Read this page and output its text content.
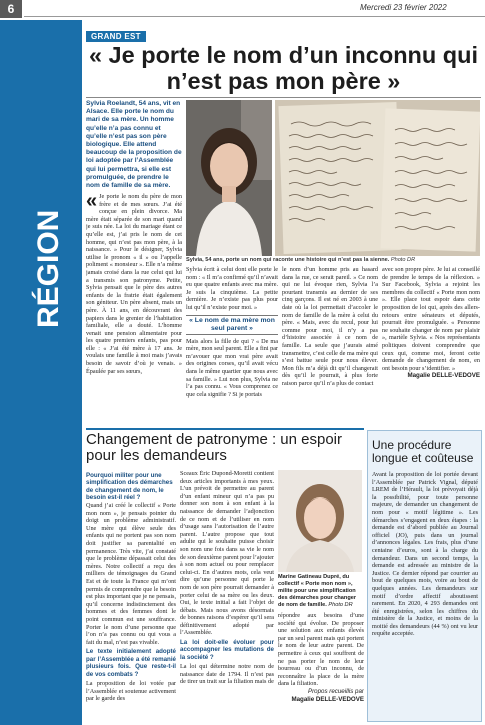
6	Mercredi 23 février 2022
RÉGION
GRAND EST
« Je porte le nom d’un inconnu qui n’est pas mon père »
Sylvia Roelandt, 54 ans, vit en Alsace. Elle porte le nom du mari de sa mère. Un homme qu’elle n’a pas connu et qu’elle n’est pas son père biologique. Elle attend beaucoup de la proposition de loi adoptée par l’Assemblée qui lui permettra, si elle est promulguée, de prendre le nom de famille de sa mère.
Sylvia, 54 ans, porte un nom qui raconte une histoire qui n’est pas la sienne. Photo DR
« Je porte le nom du père de mon frère et de mes sœurs. J’ai été conçue en plein divorce. Ma mère était séparée de son mari quand je suis née. La loi du mariage étant ce qu’elle est, j’ai pris le nom de cet homme, qui n’est pas mon père, à la naissance. » Pour le désigner, Sylvia utilise le pronom « il » ou l’appelle poliment « monsieur ». Elle n’a même jamais croisé dans la rue celui qui lui a transmis son patronyme. Petite, Sylvia pensait que le père des autres enfants de la fratrie était également son géniteur. Un père absent, mais un père. À 11 ans, en découvrant des papiers dans le grenier de l’habitation familiale, elle a douté. L’homme venait une pension alimentaire pour les quatre premiers enfants, pas pour elle : « J’ai été mère à 17 ans. Je voulais une famille à moi mais j’avais besoin de savoir d’où je venais. » Épaulée par ses sœurs,

Sylvia écrit à celui dont elle porte le nom : « Il m’a confirmé qu’il n’avait eu que quatre enfants avec ma mère. Je suis la cinquième. La petite dernière. Je n’existe pas plus pour lui qu’il n’existe pour moi. »

« Le nom de ma mère mon seul parent »

Mais alors la fille de qui ? « De ma mère, mon seul parent. Elle a fini par m’avouer que mon vrai père avait des origines corses, qu’il avait vécu dans le même quartier que nous avec sa famille. » Lui non plus, Sylvia ne l’a pas connu. « Vous comprenez ce que cela signifie ? Si je portais

le nom d’un homme pris au hasard dans la rue, ce serait pareil. » Ce nom qui ne lui évoque rien, Sylvia l’a pourtant transmis au dernier de ses cinq garçons. Il est né en 2003 à une date où la loi permettait d’accoler le nom de famille de la mère à celui du père. « Mais, avec du recul, pour lui comme pour moi, il n’y a pas d’histoire associée à ce nom de famille. La seule que j’aurais aimé transmettre, c’est celle de ma mère qui s’est battue seule pour nous élever. Mon fils m’a déjà dit qu’il changerait dès qu’il le pourrait, à plus forte raison parce qu’il n’a plus de contact

avec son propre père. Je lui ai conseillé de prendre le temps de la réflexion. » Sur Facebook, Sylvia a rejoint les membres du collectif « Porte mon nom ». Elle place tout espoir dans cette proposition de loi qui, après des allers-retours entre sénateurs et députés, pourrait être promulguée. « Personne ne souhaite changer de nom par plaisir », martèle Sylvia. « Nos représentants politiques doivent comprendre que ceux qui, comme moi, feront cette demande de changement de nom, en ont besoin pour s’identifier. »

Magalie DELLE-VEDOVE

Changement de patronyme : un espoir pour les demandeurs
Pourquoi militer pour une simplification des démarches de changement de nom, le besoin est-il réel ?

Quand j’ai créé le collectif « Porte mon nom », je pensais pointer du doigt un problème administratif. Une mère qui élève seule des enfants qui ne portent pas son nom doit justifier sa parentalité en permanence. Très vite, j’ai constaté que le problème dépassait celui des mères. Notre collectif a reçu des milliers de témoignages du Grand Est et de toute la France qui m’ont permis de comprendre que le besoin est plus important que je ne pensais, qu’il concerne indistinctement des hommes et des femmes dont le point commun est une souffrance. Porter le nom d’une personne que l’on n’a pas connu ou qui vous a fait du mal, n’est pas vivable.

Le texte initialement adopté par l’Assemblée a été remanié plusieurs fois. Que reste-t-il de vos combats ?

La proposition de loi votée par l’Assemblée et soutenue activement par le garde des

Sceaux Éric Dupond-Moretti contient deux articles importants à mes yeux. L’un prévoit de permettre au parent d’un enfant mineur qui n’a pas pu donner son nom à son enfant à la naissance de demander l’adjonction de ce nom et de l’utiliser en nom d’usage sans l’autorisation de l’autre parent. L’autre propose que tout adulte qui le souhaite puisse choisir son nom une fois dans sa vie le nom de son deuxième parent pour l’ajouter à son nom actuel ou pour remplacer celui-ci. En d’autres mots, cela veut dire qu’une personne qui porte le nom de son père pourrait demander à porter celui de sa mère ou les deux. Oui, le texte initial a fait l’objet de débats. Mais nous avons désormais de bonnes raisons d’espérer qu’il sera définitivement adopté par l’Assemblée.

La loi doit-elle évoluer pour accompagner les mutations de la société ?

La loi qui détermine notre nom de naissance date de 1794. Il n’est pas de tirer un trait sur la filiation mais de

Marine Gatineau Dupré, du collectif « Porte mon nom », milite pour une simplification des démarches pour changer de nom de famille. Photo DR

répondre aux besoins d’une société qui évolue. De proposer une solution aux enfants élevés par un seul parent mais qui portent le nom de leur autre parent. De permettre à ceux qui souffrent de ne pas porter le nom de leur bourreau ou d’un inconnu, de reconnaître la place de la mère dans la filiation.

Propos recueillis par

Magalie DELLE-VEDOVE

Une procédure longue et coûteuse
Avant la proposition de loi portée devant l’Assemblée par Patrick Vignal, député LREM de l’Hérault, la loi prévoyait déjà la possibilité, pour toute personne majeure, de demander un changement de nom pour « motif légitime ». Les démarches s’engagent en deux étapes : la demande est d’abord publiée au Journal officiel (JO), puis dans un journal d’annonces légales. Les frais, plus d’une centaine d’euros, sont à la charge du demandeur. Dans un second temps, la demande est adressée au ministre de la Justice. Ce dernier répond par courrier au bout de quelques mois, voire au bout de quelques années. Les demandeurs sur motif d’ordre affectif aboutissent rarement. En 2020, 4 293 demandes ont été enregistrées, selon les chiffres du ministère de la Justice, et moins de la moitié des demandeurs (44 %) ont vu leur requête acceptée.
